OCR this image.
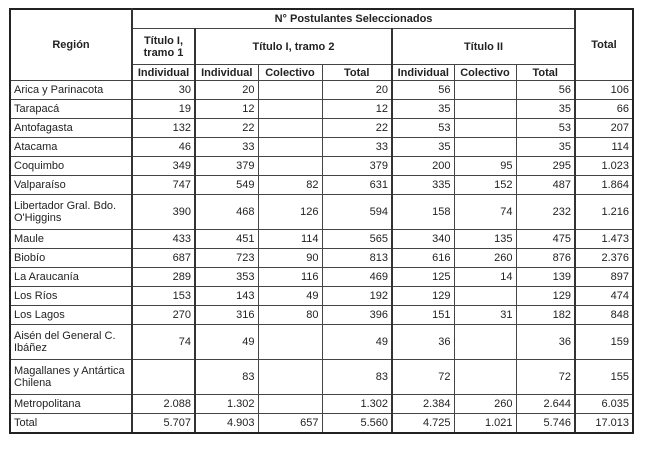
Región	N° Postulantes Seleccionados							Total
	Título I, tramo 1	Título I, tramo 2			Título II			
	Individual	Individual	Colectivo	Total	Individual	Colectivo	Total	
Arica y Parinacota	30	20		20	56		56	106
Tarapacá	19	12		12	35		35	66
Antofagasta	132	22		22	53		53	207
Atacama	46	33		33	35		35	114
Coquimbo	349	379		379	200	95	295	1.023
Valparaíso	747	549	82	631	335	152	487	1.864
Libertador Gral. Bdo. O'Higgins	390	468	126	594	158	74	232	1.216
Maule	433	451	114	565	340	135	475	1.473
Biobío	687	723	90	813	616	260	876	2.376
La Araucanía	289	353	116	469	125	14	139	897
Los Ríos	153	143	49	192	129		129	474
Los Lagos	270	316	80	396	151	31	182	848
Aisén del General C. Ibáñez	74	49		49	36		36	159
Magallanes y Antártica Chilena		83		83	72		72	155
Metropolitana	2.088	1.302		1.302	2.384	260	2.644	6.035
Total	5.707	4.903	657	5.560	4.725	1.021	5.746	17.013
